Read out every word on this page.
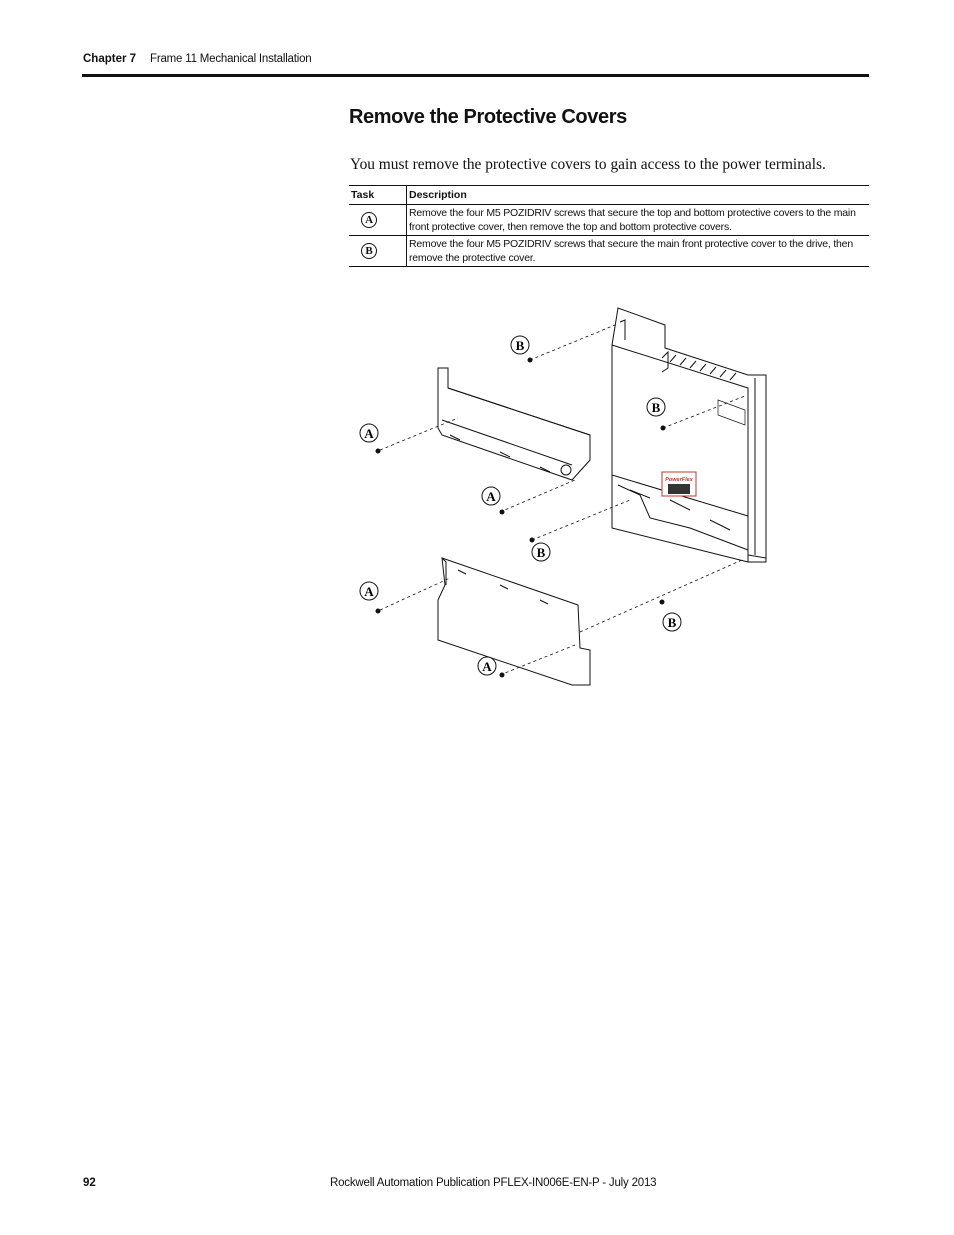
Chapter 7 Frame 11 Mechanical Installation
Remove the Protective Covers
You must remove the protective covers to gain access to the power terminals.
Task	Description
A	Remove the four M5 POZIDRIV screws that secure the top and bottom protective covers to the main front protective cover, then remove the top and bottom protective covers.
B	Remove the four M5 POZIDRIV screws that secure the main front protective cover to the drive, then remove the protective cover.
B
B
A
A
B
A
B
A
PowerFlex
92	Rockwell Automation Publication PFLEX-IN006E-EN-P - July 2013
